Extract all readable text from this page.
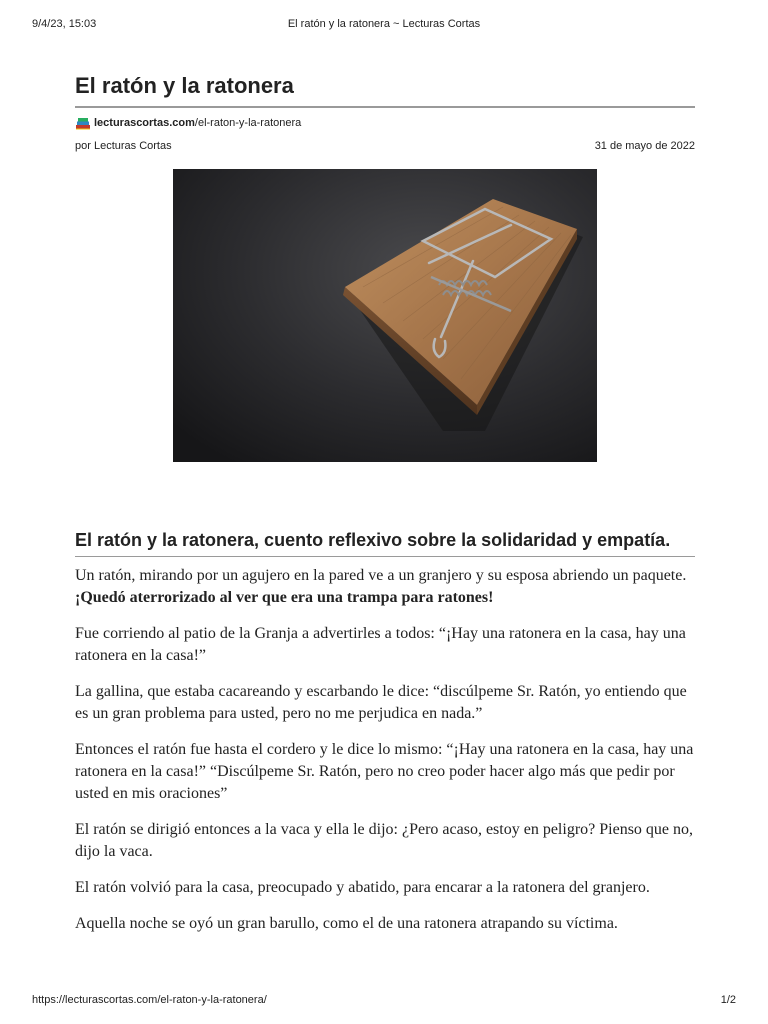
9/4/23, 15:03	El ratón y la ratonera ~ Lecturas Cortas
El ratón y la ratonera
lecturascortas.com /el-raton-y-la-ratonera
por Lecturas Cortas	31 de mayo de 2022
El ratón y la ratonera, cuento reflexivo sobre la solidaridad y empatía.

Un ratón, mirando por un agujero en la pared ve a un granjero y su esposa abriendo un paquete. ¡Quedó aterrorizado al ver que era una trampa para ratones!

Fue corriendo al patio de la Granja a advertirles a todos: “¡Hay una ratonera en la casa, hay una ratonera en la casa!”

La gallina, que estaba cacareando y escarbando le dice: “discúlpeme Sr. Ratón, yo entiendo que es un gran problema para usted, pero no me perjudica en nada.”

Entonces el ratón fue hasta el cordero y le dice lo mismo: “¡Hay una ratonera en la casa, hay una ratonera en la casa!” “Discúlpeme Sr. Ratón, pero no creo poder hacer algo más que pedir por usted en mis oraciones”

El ratón se dirigió entonces a la vaca y ella le dijo: ¿Pero acaso, estoy en peligro? Pienso que no, dijo la vaca.

El ratón volvió para la casa, preocupado y abatido, para encarar a la ratonera del granjero.

Aquella noche se oyó un gran barullo, como el de una ratonera atrapando su víctima.

https://lecturascortas.com/el-raton-y-la-ratonera/	1/2
